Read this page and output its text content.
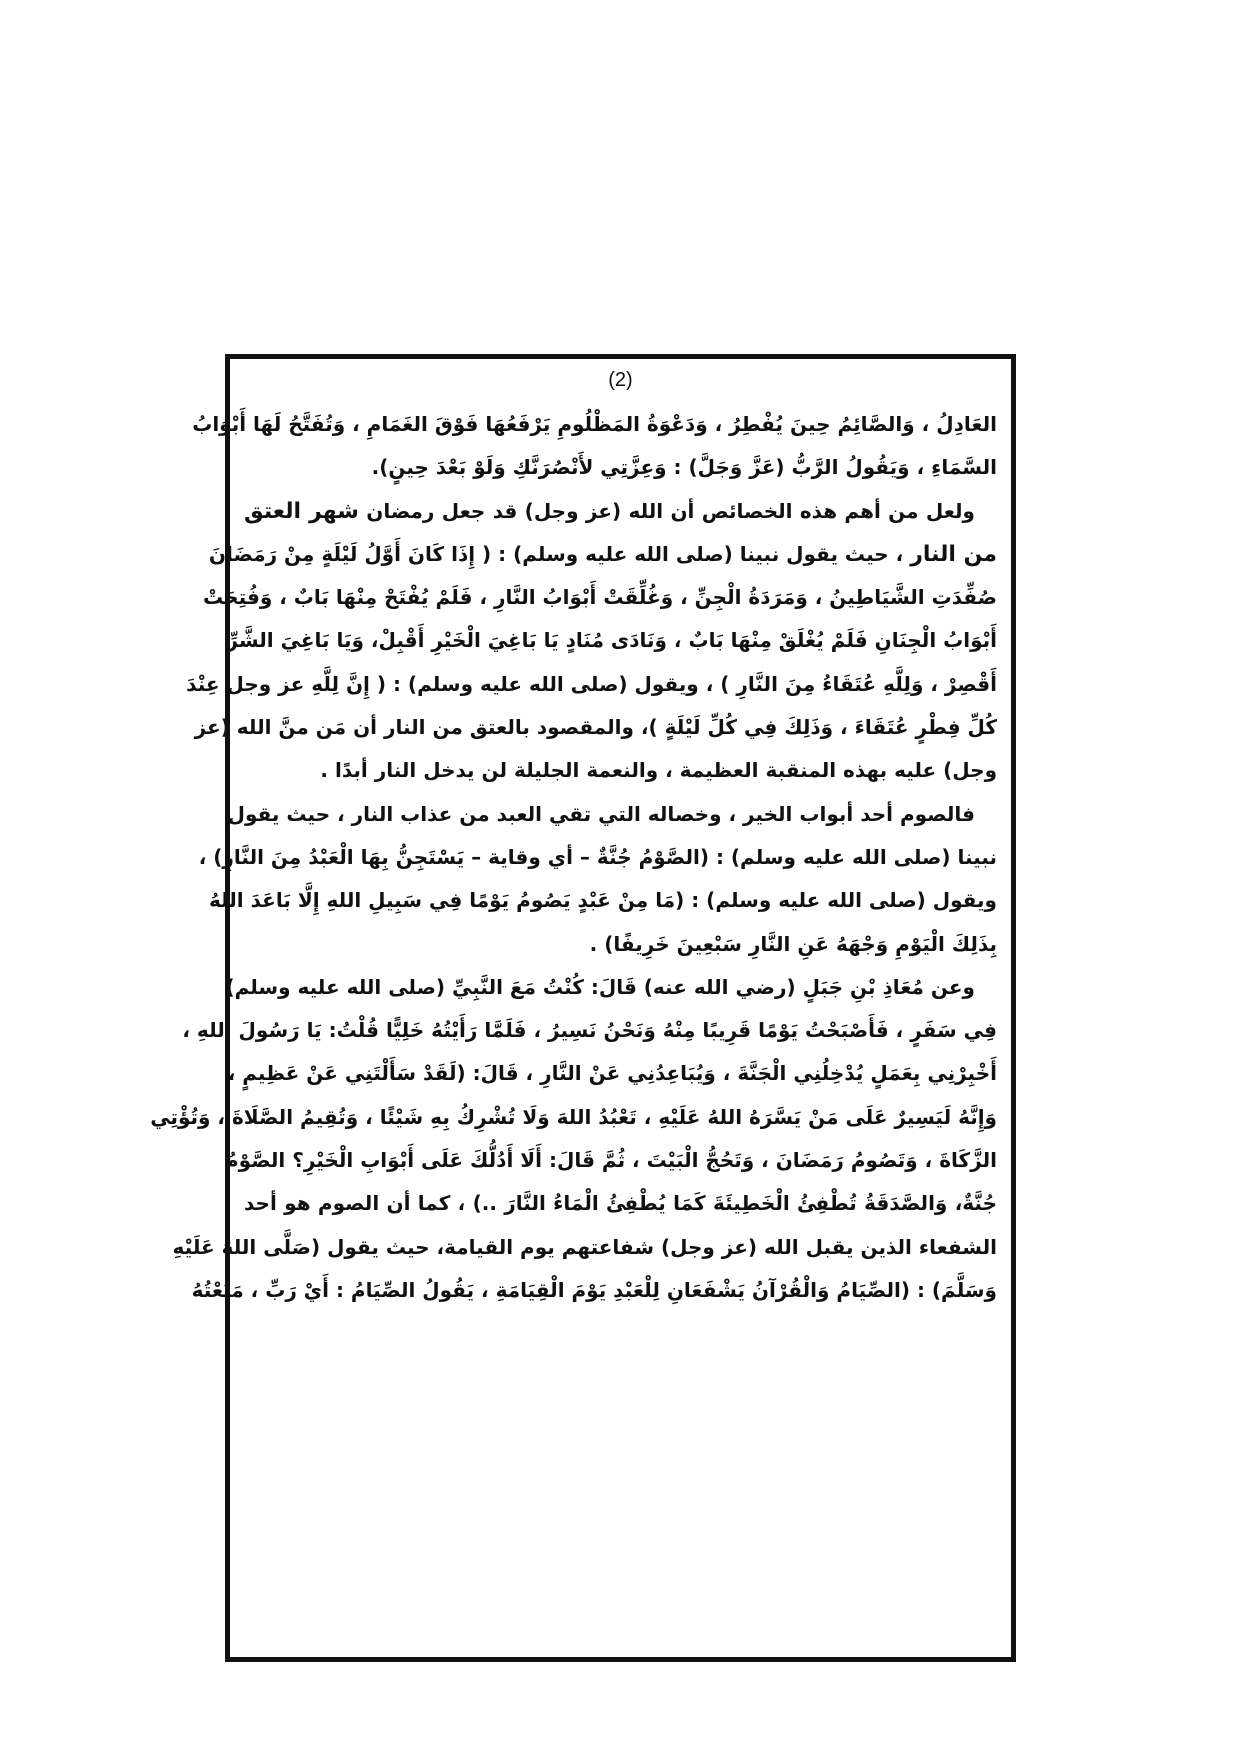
(2)
العَادِلُ ، وَالصَّائِمُ حِينَ يُفْطِرُ ، وَدَعْوَةُ المَظْلُومِ يَرْفَعُهَا فَوْقَ الغَمَامِ ، وَتُفَتَّحُ لَهَا أَبْوَابُ
السَّمَاءِ ، وَيَقُولُ الرَّبُّ (عَزَّ وَجَلَّ) : وَعِزَّتِي لأَنْصُرَنَّكِ وَلَوْ بَعْدَ حِينٍ).
ولعل من أهم هذه الخصائص أن الله (عز وجل) قد جعل رمضان شهر العتق
من النار ، حيث يقول نبينا (صلى الله عليه وسلم) : ( إِذَا كَانَ أَوَّلُ لَيْلَةٍ مِنْ رَمَضَانَ
صُفِّدَتِ الشَّيَاطِينُ ، وَمَرَدَةُ الْجِنِّ ، وَغُلِّقَتْ أَبْوَابُ النَّارِ ، فَلَمْ يُفْتَحْ مِنْهَا بَابٌ ، وَفُتِحَتْ
أَبْوَابُ الْجِنَانِ فَلَمْ يُغْلَقْ مِنْهَا بَابٌ ، وَنَادَى مُنَادٍ يَا بَاغِيَ الْخَيْرِ أَقْبِلْ، وَيَا بَاغِيَ الشَّرِّ
أَقْصِرْ ، وَلِلَّهِ عُتَقَاءُ مِنَ النَّارِ ) ، ويقول (صلى الله عليه وسلم) : ( إِنَّ لِلَّهِ عز وجل عِنْدَ
كُلِّ فِطْرٍ عُتَقَاءَ ، وَذَلِكَ فِي كُلِّ لَيْلَةٍ )، والمقصود بالعتق من النار أن مَن منَّ الله (عز
وجل) عليه بهذه المنقبة العظيمة ، والنعمة الجليلة لن يدخل النار أبدًا .
فالصوم أحد أبواب الخير ، وخصاله التي تقي العبد من عذاب النار ، حيث يقول
نبينا (صلى الله عليه وسلم) : (الصَّوْمُ جُنَّةٌ – أي وقاية – يَسْتَجِنُّ بِهَا الْعَبْدُ مِنَ النَّارِ) ،
ويقول (صلى الله عليه وسلم) : (مَا مِنْ عَبْدٍ يَصُومُ يَوْمًا فِي سَبِيلِ اللهِ إِلَّا بَاعَدَ اللهُ
بِذَلِكَ الْيَوْمِ وَجْهَهُ عَنِ النَّارِ سَبْعِينَ خَرِيفًا) .
وعن مُعَاذِ بْنِ جَبَلٍ (رضي الله عنه) قَالَ: كُنْتُ مَعَ النَّبِيِّ (صلى الله عليه وسلم)
فِي سَفَرٍ ، فَأَصْبَحْتُ يَوْمًا قَرِيبًا مِنْهُ وَنَحْنُ نَسِيرُ ، فَلَمَّا رَأَيْتُهُ خَلِيًّا قُلْتُ: يَا رَسُولَ اللهِ ،
أَخْبِرْنِي بِعَمَلٍ يُدْخِلُنِي الْجَنَّةَ ، وَيُبَاعِدُنِي عَنْ النَّارِ ، قَالَ: (لَقَدْ سَأَلْتَنِي عَنْ عَظِيمٍ ،
وَإِنَّهُ لَيَسِيرٌ عَلَى مَنْ يَسَّرَهُ اللهُ عَلَيْهِ ، تَعْبُدُ اللهَ وَلَا تُشْرِكُ بِهِ شَيْئًا ، وَتُقِيمُ الصَّلَاةَ ، وَتُؤْتِي
الزَّكَاةَ ، وَتَصُومُ رَمَضَانَ ، وَتَحُجُّ الْبَيْتَ ، ثُمَّ قَالَ: أَلَا أَدُلُّكَ عَلَى أَبْوَابِ الْخَيْرِ؟ الصَّوْمُ
جُنَّةٌ، وَالصَّدَقَةُ تُطْفِئُ الْخَطِيئَةَ كَمَا يُطْفِئُ الْمَاءُ النَّارَ ..) ، كما أن الصوم هو أحد
الشفعاء الذين يقبل الله (عز وجل) شفاعتهم يوم القيامة، حيث يقول (صَلَّى اللهُ عَلَيْهِ
وَسَلَّمَ) : (الصِّيَامُ وَالْقُرْآنُ يَشْفَعَانِ لِلْعَبْدِ يَوْمَ الْقِيَامَةِ ، يَقُولُ الصِّيَامُ : أَيْ رَبِّ ، مَنَعْتُهُ
